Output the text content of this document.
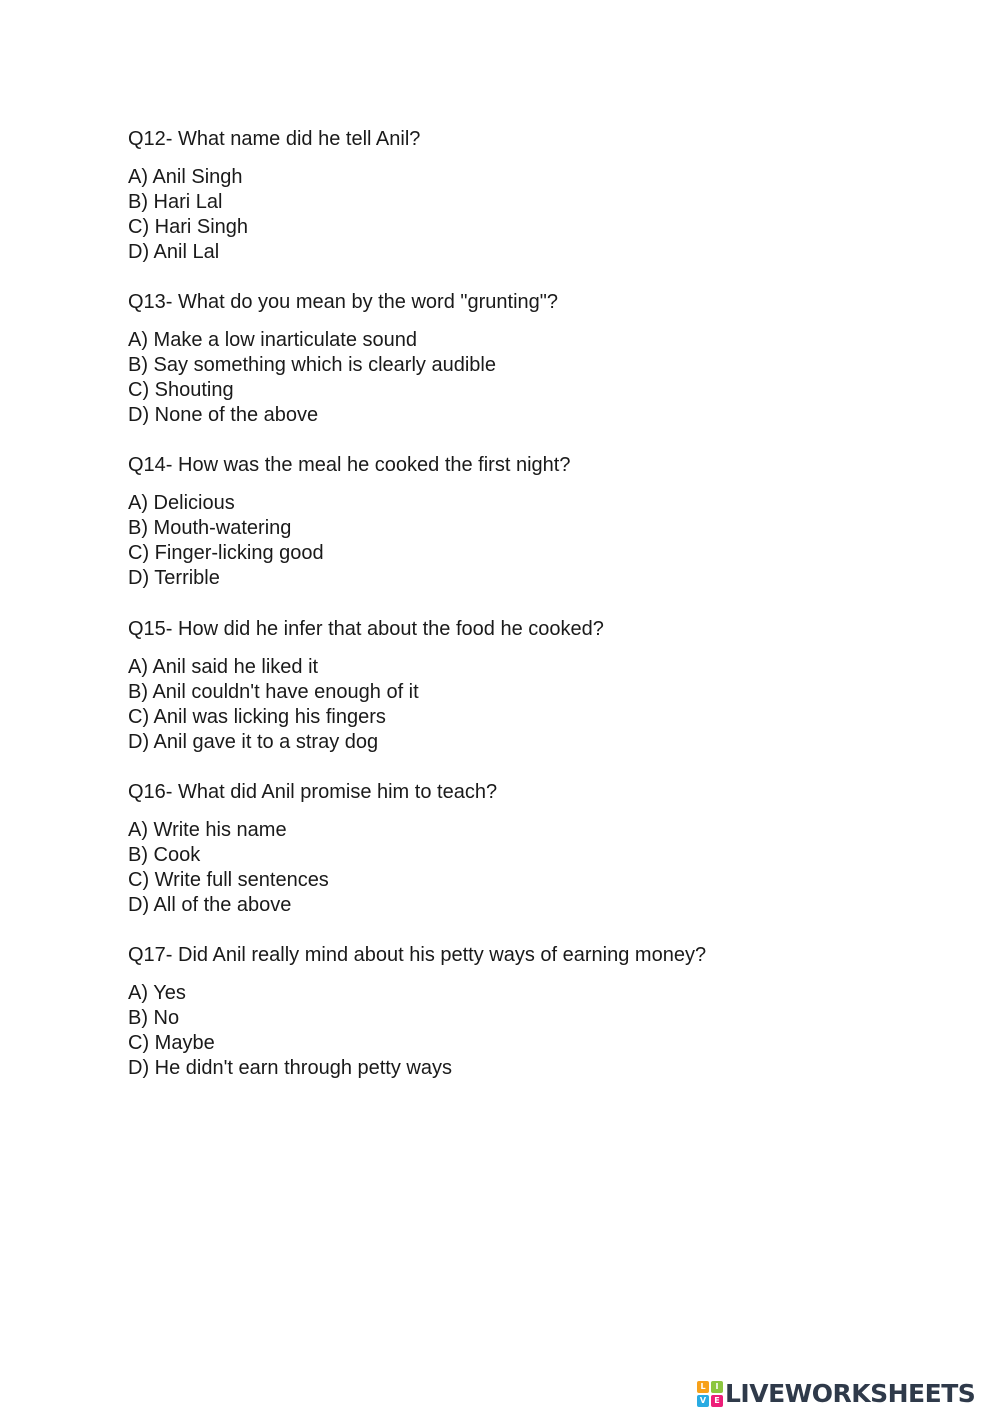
Q12- What name did he tell Anil?

A) Anil Singh
B) Hari Lal
C) Hari Singh
D) Anil Lal

Q13- What do you mean by the word "grunting"?

A) Make a low inarticulate sound
B) Say something which is clearly audible
C) Shouting
D) None of the above

Q14- How was the meal he cooked the first night?

A) Delicious
B) Mouth-watering
C) Finger-licking good
D) Terrible

Q15- How did he infer that about the food he cooked?

A) Anil said he liked it
B) Anil couldn't have enough of it
C) Anil was licking his fingers
D) Anil gave it to a stray dog

Q16- What did Anil promise him to teach?

A) Write his name
B) Cook
C) Write full sentences
D) All of the above

Q17- Did Anil really mind about his petty ways of earning money?

A) Yes
B) No
C) Maybe
D) He didn't earn through petty ways
L	I
V	E LIVEWORKSHEETS
